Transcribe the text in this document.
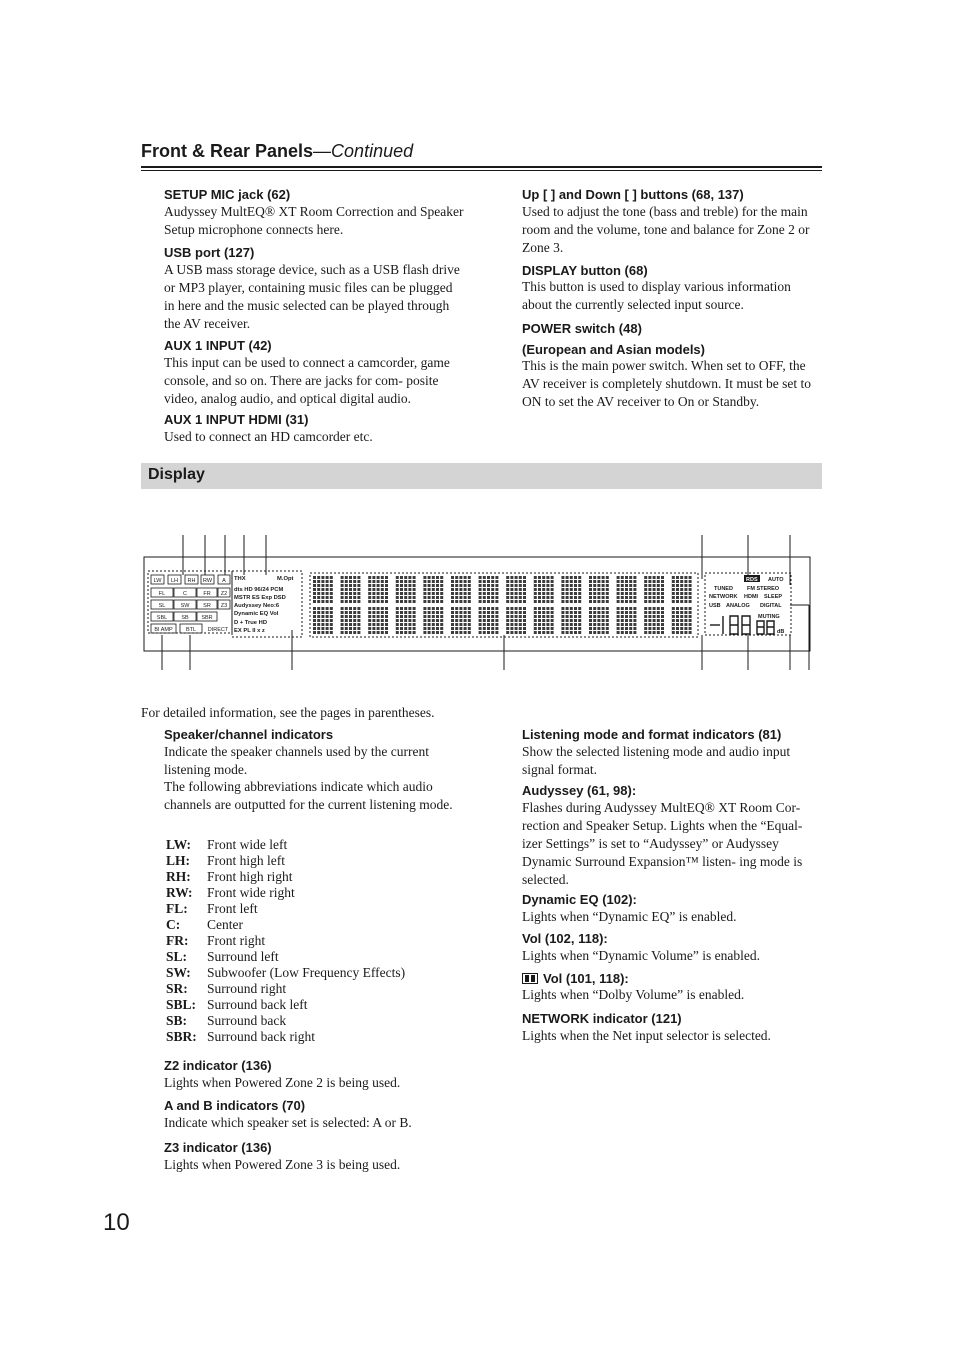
Front & Rear Panels—Continued
SETUP MIC jack (62)
Audyssey MultEQ® XT Room Correction and Speaker Setup microphone connects here.
USB port (127)
A USB mass storage device, such as a USB flash drive or MP3 player, containing music files can be plugged in here and the music selected can be played through the AV receiver.
AUX 1 INPUT (42)
This input can be used to connect a camcorder, game console, and so on. There are jacks for com- posite video, analog audio, and optical digital audio.
AUX 1 INPUT HDMI (31)
Used to connect an HD camcorder etc.
Up [ ] and Down [ ] buttons (68, 137)
Used to adjust the tone (bass and treble) for the main room and the volume, tone and balance for Zone 2 or Zone 3.
DISPLAY button (68)
This button is used to display various information about the currently selected input source.
POWER switch (48)
(European and Asian models)
This is the main power switch. When set to OFF, the AV receiver is completely shutdown. It must be set to ON to set the AV receiver to On or Standby.
Display
LW LH RH RW A
FL	C	FR Z2
SL	SW SR Z3
SBL	SB SBR
BI AMP BTL DIRECT
THX	M.Opt
dts HD 96/24 PCM
MSTR ES Exp DSD
Audyssey Neo:6
Dynamic EQ Vol
D + True HD
EX PL II x z
RDS AUTO
TUNED	FM STEREO
NETWORK HDMI SLEEP
USB ANALOG DIGITAL
MUTING
dB
For detailed information, see the pages in parentheses.
Speaker/channel indicators
Indicate the speaker channels used by the current listening mode.
The following abbreviations indicate which audio channels are outputted for the current listening mode.
LW:	Front wide left
LH:	Front high left
RH:	Front high right
RW:	Front wide right
FL:	Front left
C:	Center
FR:	Front right
SL:	Surround left
SW:	Subwoofer (Low Frequency Effects)
SR:	Surround right
SBL:	Surround back left
SB:	Surround back
SBR:	Surround back right
Z2 indicator (136)
Lights when Powered Zone 2 is being used.
A and B indicators (70)
Indicate which speaker set is selected: A or B.
Z3 indicator (136)
Lights when Powered Zone 3 is being used.
Listening mode and format indicators (81)
Show the selected listening mode and audio input signal format.
Audyssey (61, 98):
Flashes during Audyssey MultEQ® XT Room Cor- rection and Speaker Setup. Lights when the “Equal- izer Settings” is set to “Audyssey” or Audyssey Dynamic Surround Expansion™ listen- ing mode is selected.
Dynamic EQ (102):
Lights when “Dynamic EQ” is enabled.
Vol (102, 118):
Lights when “Dynamic Volume” is enabled.
Vol (101, 118):
Lights when “Dolby Volume” is enabled.
NETWORK indicator (121)
Lights when the Net input selector is selected.
10
